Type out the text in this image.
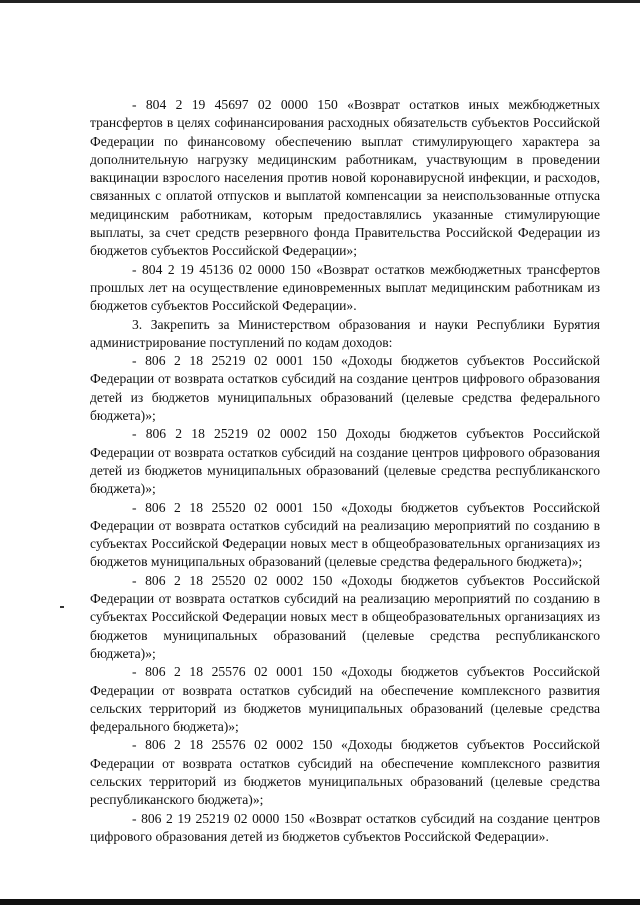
- 804 2 19 45697 02 0000 150 «Возврат остатков иных межбюджетных трансфертов в целях софинансирования расходных обязательств субъектов Российской Федерации по финансовому обеспечению выплат стимулирующего характера за дополнительную нагрузку медицинским работникам, участвующим в проведении вакцинации взрослого населения против новой коронавирусной инфекции, и расходов, связанных с оплатой отпусков и выплатой компенсации за неиспользованные отпуска медицинским работникам, которым предоставлялись указанные стимулирующие выплаты, за счет средств резервного фонда Правительства Российской Федерации из бюджетов субъектов Российской Федерации»;

- 804 2 19 45136 02 0000 150 «Возврат остатков межбюджетных трансфертов прошлых лет на осуществление единовременных выплат медицинским работникам из бюджетов субъектов Российской Федерации».

3. Закрепить за Министерством образования и науки Республики Бурятия администрирование поступлений по кодам доходов:

- 806 2 18 25219 02 0001 150 «Доходы бюджетов субъектов Российской Федерации от возврата остатков субсидий на создание центров цифрового образования детей из бюджетов муниципальных образований (целевые средства федерального бюджета)»;

- 806 2 18 25219 02 0002 150 Доходы бюджетов субъектов Российской Федерации от возврата остатков субсидий на создание центров цифрового образования детей из бюджетов муниципальных образований (целевые средства республиканского бюджета)»;

- 806 2 18 25520 02 0001 150 «Доходы бюджетов субъектов Российской Федерации от возврата остатков субсидий на реализацию мероприятий по созданию в субъектах Российской Федерации новых мест в общеобразовательных организациях из бюджетов муниципальных образований (целевые средства федерального бюджета)»;

- 806 2 18 25520 02 0002 150 «Доходы бюджетов субъектов Российской Федерации от возврата остатков субсидий на реализацию мероприятий по созданию в субъектах Российской Федерации новых мест в общеобразовательных организациях из бюджетов муниципальных образований (целевые средства республиканского бюджета)»;

- 806 2 18 25576 02 0001 150 «Доходы бюджетов субъектов Российской Федерации от возврата остатков субсидий на обеспечение комплексного развития сельских территорий из бюджетов муниципальных образований (целевые средства федерального бюджета)»;

- 806 2 18 25576 02 0002 150 «Доходы бюджетов субъектов Российской Федерации от возврата остатков субсидий на обеспечение комплексного развития сельских территорий из бюджетов муниципальных образований (целевые средства республиканского бюджета)»;

- 806 2 19 25219 02 0000 150 «Возврат остатков субсидий на создание центров цифрового образования детей из бюджетов субъектов Российской Федерации».
